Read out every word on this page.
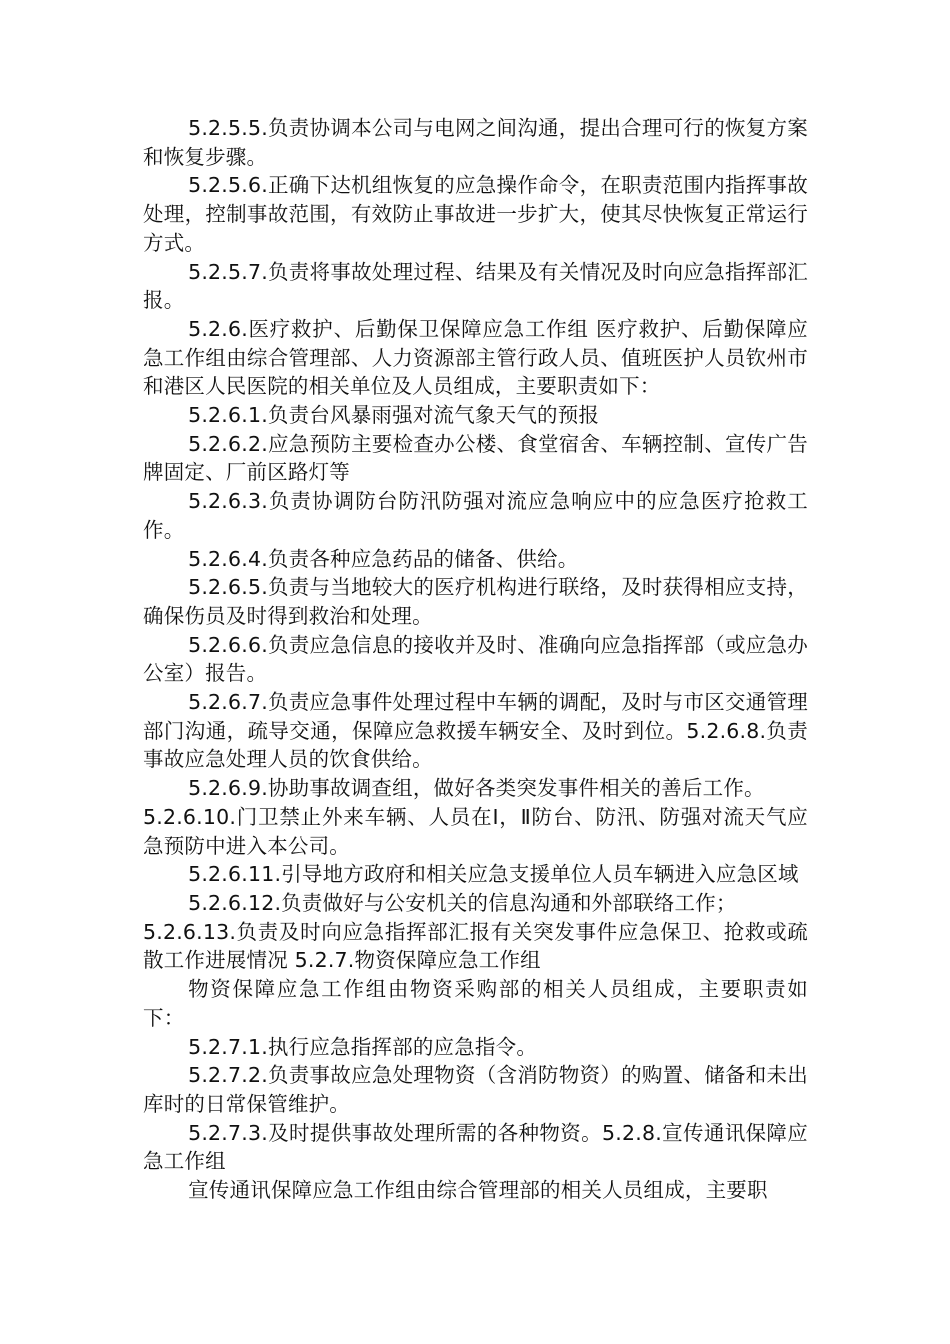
5.2.5.5.负责协调本公司与电网之间沟通，提出合理可行的恢复方案和恢复步骤。

5.2.5.6.正确下达机组恢复的应急操作命令，在职责范围内指挥事故处理，控制事故范围，有效防止事故进一步扩大，使其尽快恢复正常运行方式。

5.2.5.7.负责将事故处理过程、结果及有关情况及时向应急指挥部汇报。

5.2.6.医疗救护、后勤保卫保障应急工作组 医疗救护、后勤保障应急工作组由综合管理部、人力资源部主管行政人员、值班医护人员钦州市和港区人民医院的相关单位及人员组成，主要职责如下：

5.2.6.1.负责台风暴雨强对流气象天气的预报

5.2.6.2.应急预防主要检查办公楼、食堂宿舍、车辆控制、宣传广告牌固定、厂前区路灯等

5.2.6.3.负责协调防台防汛防强对流应急响应中的应急医疗抢救工作。

5.2.6.4.负责各种应急药品的储备、供给。

5.2.6.5.负责与当地较大的医疗机构进行联络，及时获得相应支持，确保伤员及时得到救治和处理。

5.2.6.6.负责应急信息的接收并及时、准确向应急指挥部（或应急办公室）报告。

5.2.6.7.负责应急事件处理过程中车辆的调配，及时与市区交通管理部门沟通，疏导交通，保障应急救援车辆安全、及时到位。5.2.6.8.负责事故应急处理人员的饮食供给。

5.2.6.9.协助事故调查组，做好各类突发事件相关的善后工作。

5.2.6.10.门卫禁止外来车辆、人员在Ⅰ，Ⅱ防台、防汛、防强对流天气应急预防中进入本公司。

5.2.6.11.引导地方政府和相关应急支援单位人员车辆进入应急区域

5.2.6.12.负责做好与公安机关的信息沟通和外部联络工作；

5.2.6.13.负责及时向应急指挥部汇报有关突发事件应急保卫、抢救或疏散工作进展情况 5.2.7.物资保障应急工作组

物资保障应急工作组由物资采购部的相关人员组成，主要职责如下：

5.2.7.1.执行应急指挥部的应急指令。

5.2.7.2.负责事故应急处理物资（含消防物资）的购置、储备和未出库时的日常保管维护。

5.2.7.3.及时提供事故处理所需的各种物资。5.2.8.宣传通讯保障应急工作组

宣传通讯保障应急工作组由综合管理部的相关人员组成，主要职
